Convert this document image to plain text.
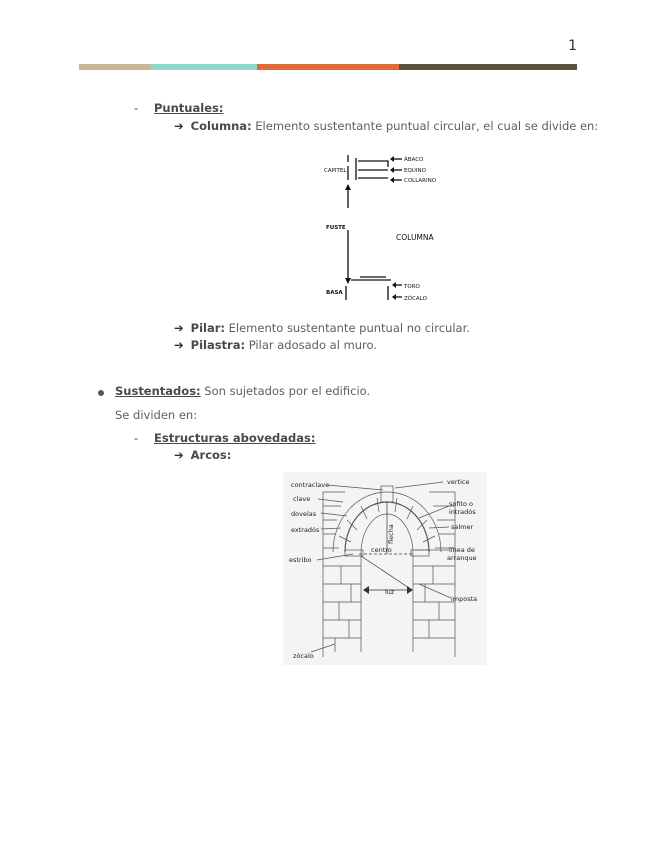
1
- Puntuales:
➔ Columna: Elemento sustentante puntual circular, el cual se divide en:
CAPITEL
ÁBACO
EQUINO
COLLARINO
FUSTE
COLUMNA
BASA
TORO
ZÓCALO
➔ Pilar: Elemento sustentante puntual no circular.
➔ Pilastra: Pilar adosado al muro.
Sustentados: Son sujetados por el edificio.
Se dividen en:
- Estructuras abovedadas:
➔ Arcos:
contraclave
clave
dovelas
extradós
estribo
zócalo
vertice
sofito o
intradós
salmer
línea de
arranque
imposta
centro
luz
flecha
